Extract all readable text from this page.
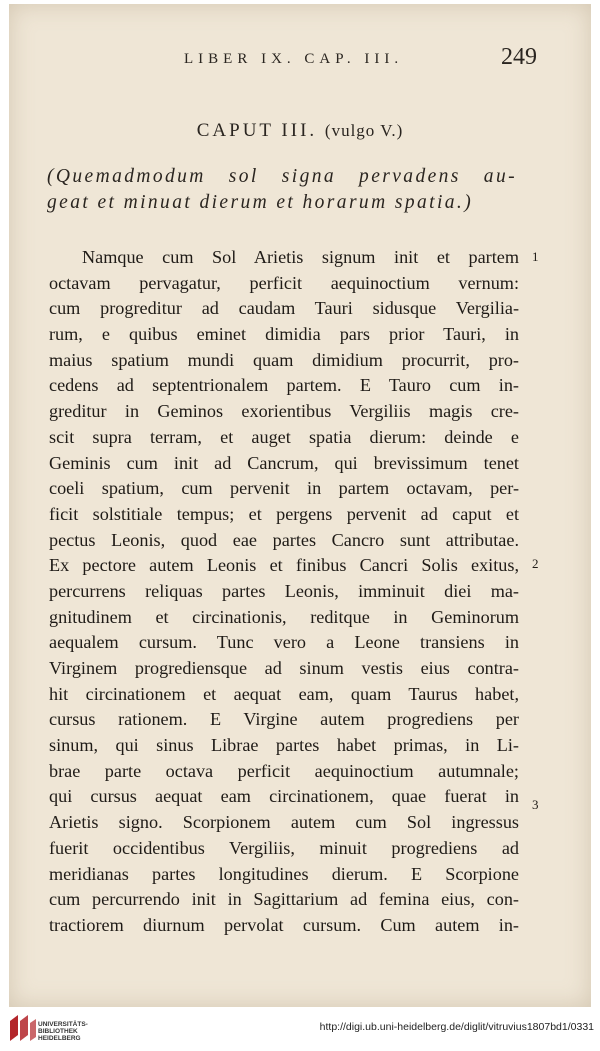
LIBER IX. CAP. III.	249
CAPUT III. (vulgo V.)
(Quemadmodum sol signa pervadens au-
geat et minuat dierum et horarum spatia.)
Namque cum Sol Arietis signum init et partem
octavam pervagatur, perficit aequinoctium vernum:
cum progreditur ad caudam Tauri sidusque Vergilia-
rum, e quibus eminet dimidia pars prior Tauri, in
maius spatium mundi quam dimidium procurrit, pro-
cedens ad septentrionalem partem. E Tauro cum in-
greditur in Geminos exorientibus Vergiliis magis cre-
scit supra terram, et auget spatia dierum: deinde e
Geminis cum init ad Cancrum, qui brevissimum tenet
coeli spatium, cum pervenit in partem octavam, per-
ficit solstitiale tempus; et pergens pervenit ad caput et
pectus Leonis, quod eae partes Cancro sunt attributae.
Ex pectore autem Leonis et finibus Cancri Solis exitus,
percurrens reliquas partes Leonis, imminuit diei ma-
gnitudinem et circinationis, reditque in Geminorum
aequalem cursum. Tunc vero a Leone transiens in
Virginem progrediensque ad sinum vestis eius contra-
hit circinationem et aequat eam, quam Taurus habet,
cursus rationem. E Virgine autem progrediens per
sinum, qui sinus Librae partes habet primas, in Li-
brae parte octava perficit aequinoctium autumnale;
qui cursus aequat eam circinationem, quae fuerat in
Arietis signo. Scorpionem autem cum Sol ingressus
fuerit occidentibus Vergiliis, minuit progrediens ad
meridianas partes longitudines dierum. E Scorpione
cum percurrendo init in Sagittarium ad femina eius, con-
tractiorem diurnum pervolat cursum. Cum autem in-
1
2
3
UNIVERSITÄTS-
BIBLIOTHEK
HEIDELBERG
http://digi.ub.uni-heidelberg.de/diglit/vitruvius1807bd1/0331
